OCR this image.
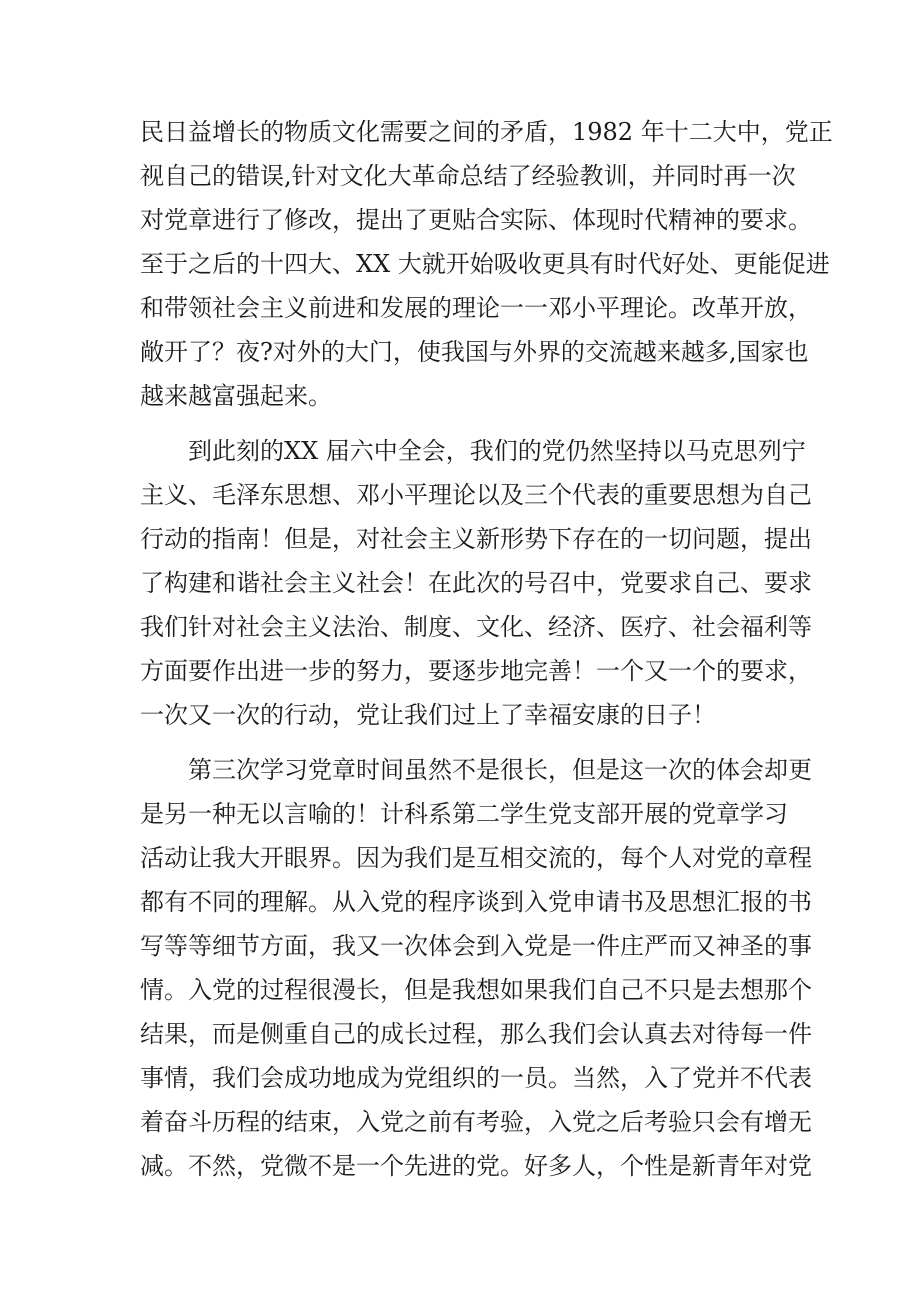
民日益增长的物质文化需要之间的矛盾，1982 年十二大中，党正
视自己的错误,针对文化大革命总结了经验教训，并同时再一次
对党章进行了修改，提出了更贴合实际、体现时代精神的要求。
至于之后的十四大、XX 大就开始吸收更具有时代好处、更能促进
和带领社会主义前进和发展的理论一一邓小平理论。改革开放，
敞开了？夜?对外的大门，使我国与外界的交流越来越多,国家也
越来越富强起来。
到此刻的XX 届六中全会，我们的党仍然坚持以马克思列宁
主义、毛泽东思想、邓小平理论以及三个代表的重要思想为自己
行动的指南！但是，对社会主义新形势下存在的一切问题，提出
了构建和谐社会主义社会！在此次的号召中，党要求自己、要求
我们针对社会主义法治、制度、文化、经济、医疗、社会福利等
方面要作出进一步的努力，要逐步地完善！一个又一个的要求，
一次又一次的行动，党让我们过上了幸福安康的日子！
第三次学习党章时间虽然不是很长，但是这一次的体会却更
是另一种无以言喻的！计科系第二学生党支部开展的党章学习
活动让我大开眼界。因为我们是互相交流的，每个人对党的章程
都有不同的理解。从入党的程序谈到入党申请书及思想汇报的书
写等等细节方面，我又一次体会到入党是一件庄严而又神圣的事
情。入党的过程很漫长，但是我想如果我们自己不只是去想那个
结果，而是侧重自己的成长过程，那么我们会认真去对待每一件
事情，我们会成功地成为党组织的一员。当然，入了党并不代表
着奋斗历程的结束，入党之前有考验，入党之后考验只会有增无
减。不然，党微不是一个先进的党。好多人，个性是新青年对党
